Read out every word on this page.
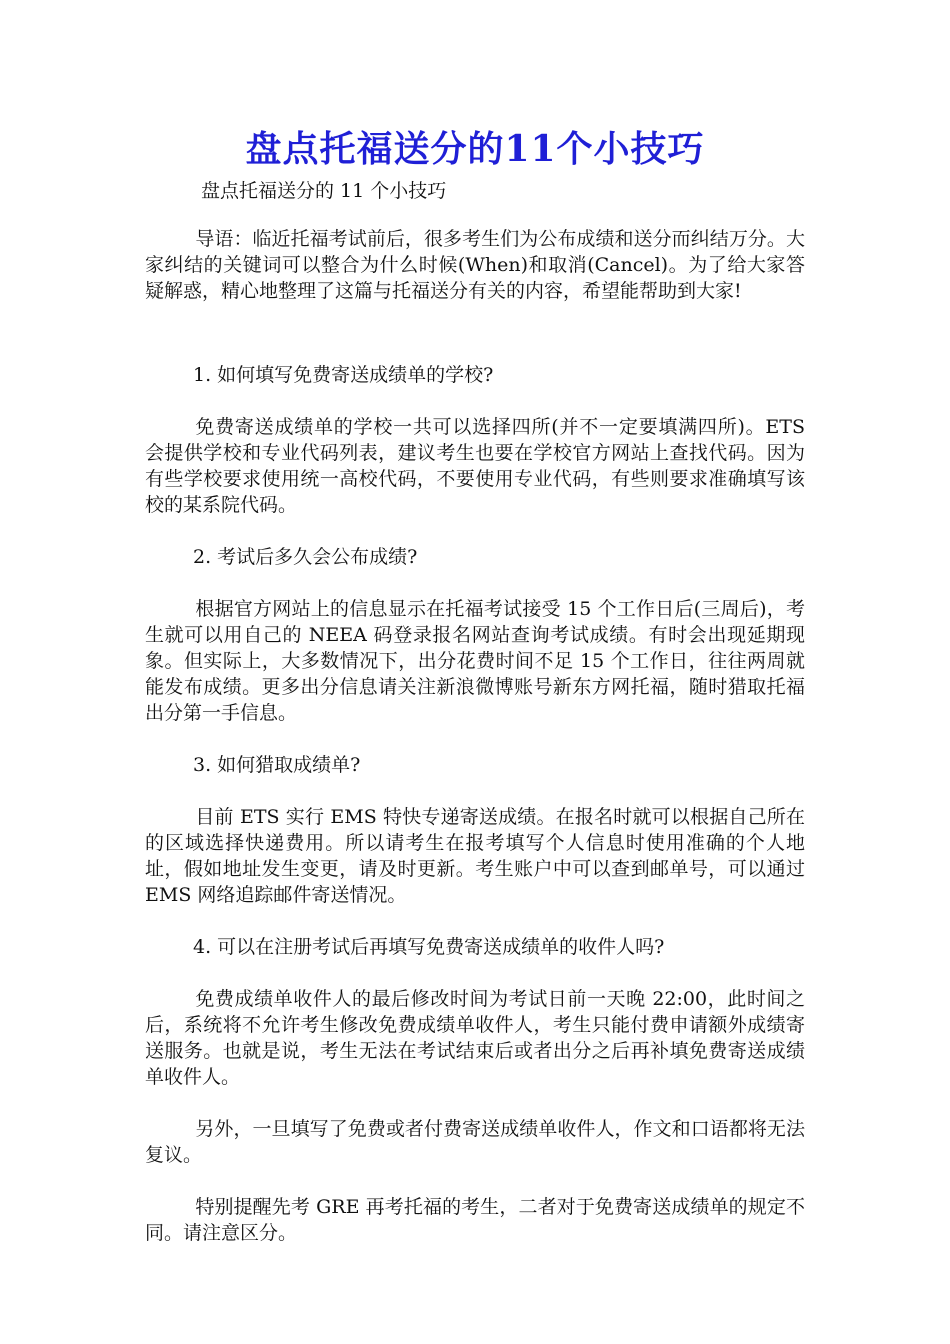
盘点托福送分的11个小技巧

盘点托福送分的 11 个小技巧

导语：临近托福考试前后，很多考生们为公布成绩和送分而纠结万分。大家纠结的关键词可以整合为什么时候(When)和取消(Cancel)。为了给大家答疑解惑，精心地整理了这篇与托福送分有关的内容，希望能帮助到大家!

1. 如何填写免费寄送成绩单的学校?

免费寄送成绩单的学校一共可以选择四所(并不一定要填满四所)。ETS 会提供学校和专业代码列表，建议考生也要在学校官方网站上查找代码。因为有些学校要求使用统一高校代码，不要使用专业代码，有些则要求准确填写该校的某系院代码。

2. 考试后多久会公布成绩?

根据官方网站上的信息显示在托福考试接受 15 个工作日后(三周后)，考生就可以用自己的 NEEA 码登录报名网站查询考试成绩。有时会出现延期现象。但实际上，大多数情况下，出分花费时间不足 15 个工作日，往往两周就能发布成绩。更多出分信息请关注新浪微博账号新东方网托福，随时猎取托福出分第一手信息。

3. 如何猎取成绩单?

目前 ETS 实行 EMS 特快专递寄送成绩。在报名时就可以根据自己所在的区域选择快递费用。所以请考生在报考填写个人信息时使用准确的个人地址，假如地址发生变更，请及时更新。考生账户中可以查到邮单号，可以通过 EMS 网络追踪邮件寄送情况。

4. 可以在注册考试后再填写免费寄送成绩单的收件人吗?

免费成绩单收件人的最后修改时间为考试日前一天晚 22:00，此时间之后，系统将不允许考生修改免费成绩单收件人，考生只能付费申请额外成绩寄送服务。也就是说，考生无法在考试结束后或者出分之后再补填免费寄送成绩单收件人。

另外，一旦填写了免费或者付费寄送成绩单收件人，作文和口语都将无法复议。

特别提醒先考 GRE 再考托福的考生，二者对于免费寄送成绩单的规定不同。请注意区分。
